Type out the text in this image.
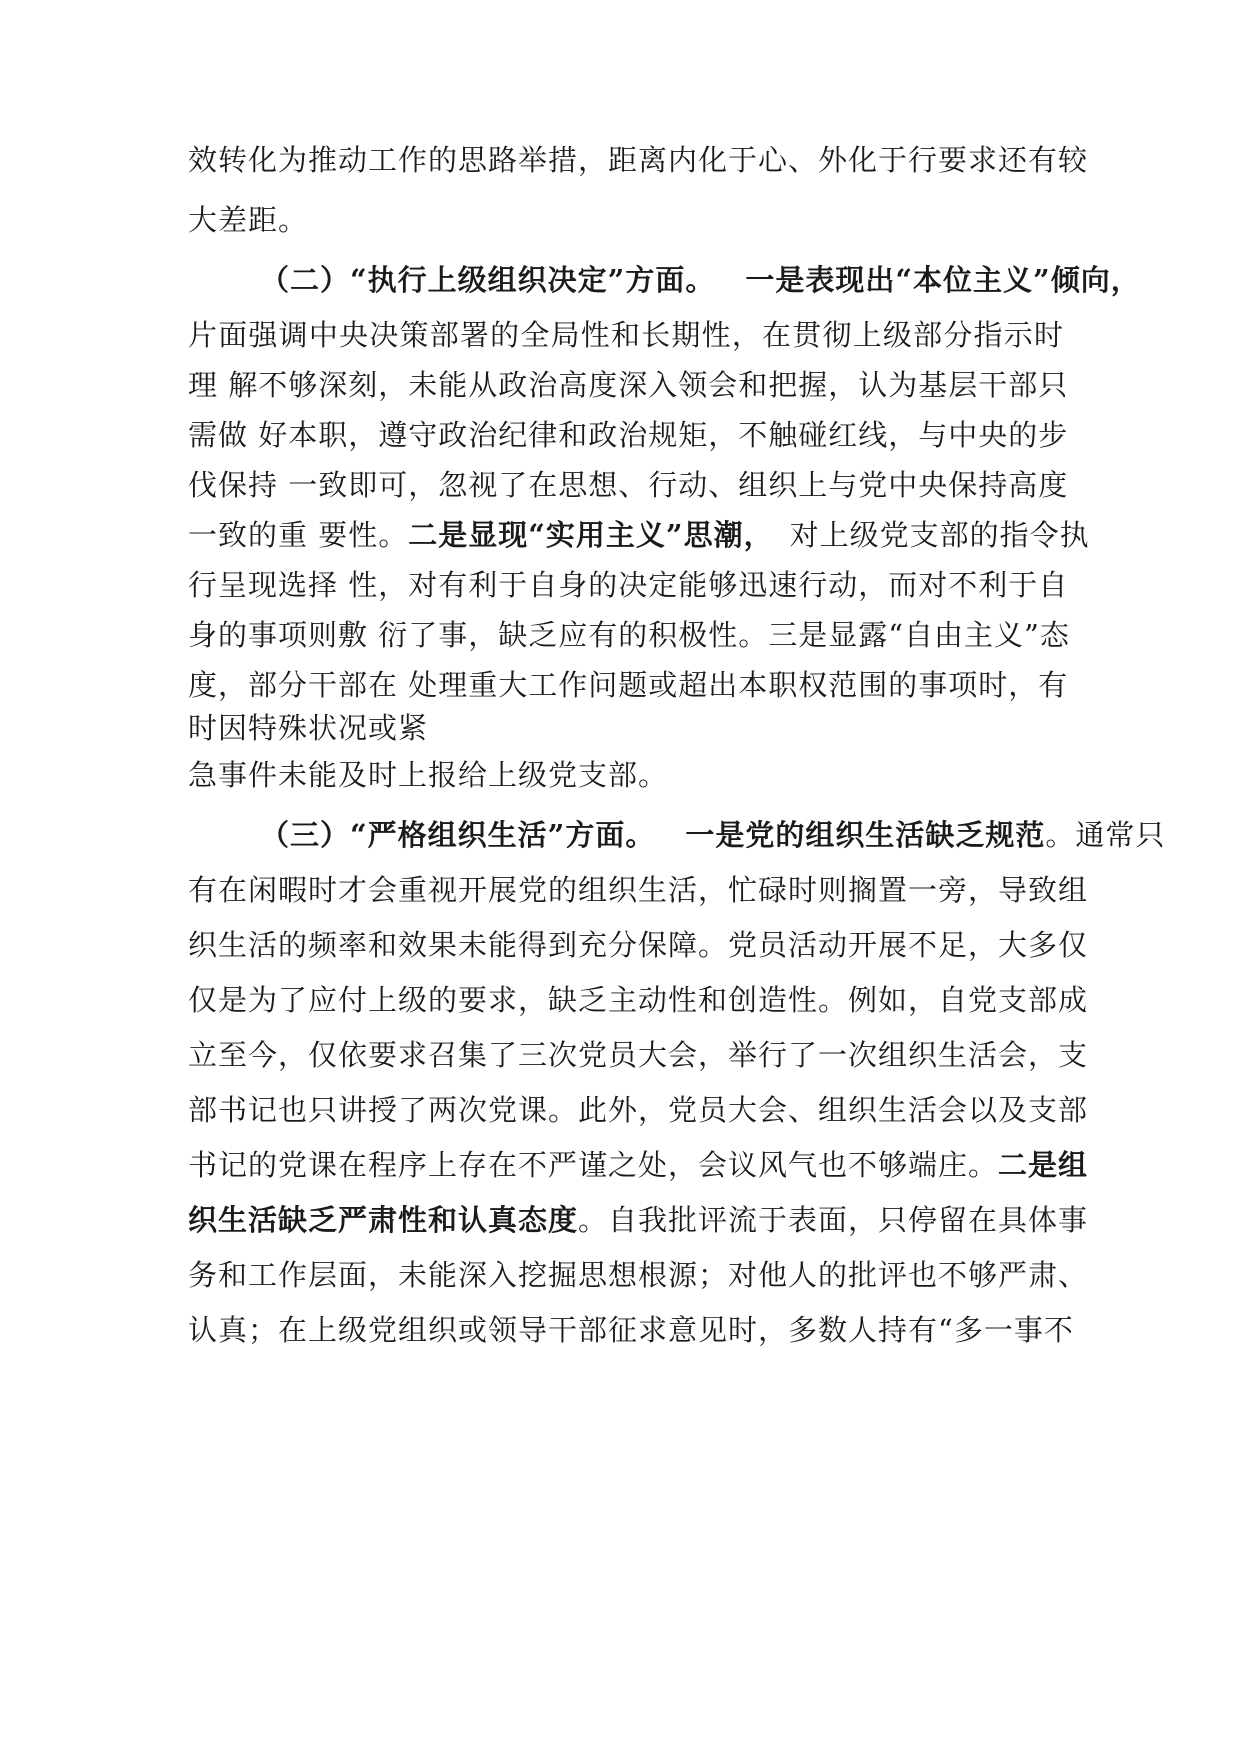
效转化为推动工作的思路举措，距离内化于心、外化于行要求还有较
大差距。
（二）“执行上级组织决定”方面。 一是表现出“本位主义”倾向，
片面强调中央决策部署的全局性和长期性，在贯彻上级部分指示时
理 解不够深刻，未能从政治高度深入领会和把握，认为基层干部只
需做 好本职，遵守政治纪律和政治规矩，不触碰红线，与中央的步
伐保持 一致即可，忽视了在思想、行动、组织上与党中央保持高度
一致的重 要性。二是显现“实用主义”思潮， 对上级党支部的指令执
行呈现选择 性，对有利于自身的决定能够迅速行动，而对不利于自
身的事项则敷 衍了事，缺乏应有的积极性。三是显露“自由主义”态
度，部分干部在 处理重大工作问题或超出本职权范围的事项时，有
时因特殊状况或紧
急事件未能及时上报给上级党支部。
（三）“严格组织生活”方面。 一是党的组织生活缺乏规范。通常只
有在闲暇时才会重视开展党的组织生活，忙碌时则搁置一旁，导致组
织生活的频率和效果未能得到充分保障。党员活动开展不足，大多仅
仅是为了应付上级的要求，缺乏主动性和创造性。例如，自党支部成
立至今，仅依要求召集了三次党员大会，举行了一次组织生活会，支
部书记也只讲授了两次党课。此外，党员大会、组织生活会以及支部
书记的党课在程序上存在不严谨之处，会议风气也不够端庄。二是组
织生活缺乏严肃性和认真态度。自我批评流于表面，只停留在具体事
务和工作层面，未能深入挖掘思想根源；对他人的批评也不够严肃、
认真；在上级党组织或领导干部征求意见时，多数人持有“多一事不
